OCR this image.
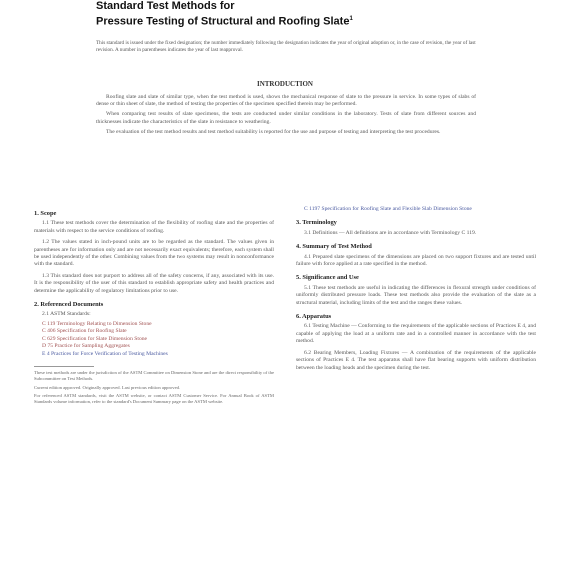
Standard Test Methods for
Pressure Testing of Structural and Roofing Slate$^1$
This standard is issued under the fixed designation; the number immediately following the designation indicates the year of original adoption or, in the case of revision, the year of last revision. A number in parentheses indicates the year of last reapproval.
INTRODUCTION

Roofing slate and slate of similar type, when the test method is used, shows the mechanical response of slate to the pressure in service. In some types of slabs of dense or thin sheet of slate, the method of testing the properties of the specimen specified therein may be performed.

When comparing test results of slate specimens, the tests are conducted under similar conditions in the laboratory. Tests of slate from different sources and thicknesses indicate the characteristics of the slate in resistance to weathering.

The evaluation of the test method results and test method suitability is reported for the use and purpose of testing and interpreting the test procedures.

1. Scope

1.1 These test methods cover the determination of the flexibility of roofing slate and the properties of materials with respect to the service conditions of roofing.

1.2 The values stated in inch-pound units are to be regarded as the standard. The values given in parentheses are for information only and are not necessarily exact equivalents; therefore, each system shall be used independently of the other. Combining values from the two systems may result in nonconformance with the standard.

1.3 This standard does not purport to address all of the safety concerns, if any, associated with its use. It is the responsibility of the user of this standard to establish appropriate safety and health practices and determine the applicability of regulatory limitations prior to use.

2. Referenced Documents

2.1 ASTM Standards:

C 119 Terminology Relating to Dimension Stone

C 406 Specification for Roofing Slate

C 629 Specification for Slate Dimension Stone

D 75 Practice for Sampling Aggregates

E 4 Practices for Force Verification of Testing Machines

These test methods are under the jurisdiction of the ASTM Committee on Dimension Stone and are the direct responsibility of the Subcommittee on Test Methods.

Current edition approved. Originally approved. Last previous edition approved.

For referenced ASTM standards, visit the ASTM website, or contact ASTM Customer Service. For Annual Book of ASTM Standards volume information, refer to the standard's Document Summary page on the ASTM website.

C 1197 Specification for Roofing Slate and Flexible Slab Dimension Stone

3. Terminology

3.1 Definitions — All definitions are in accordance with Terminology C 119.

4. Summary of Test Method

4.1 Prepared slate specimens of the dimensions are placed on two support fixtures and are tested until failure with force applied at a rate specified in the method.

5. Significance and Use

5.1 These test methods are useful in indicating the differences in flexural strength under conditions of uniformly distributed pressure loads. These test methods also provide the evaluation of the slate as a structural material, including limits of the test and the ranges these values.

6. Apparatus

6.1 Testing Machine — Conforming to the requirements of the applicable sections of Practices E 4, and capable of applying the load at a uniform rate and in a controlled manner in accordance with the test method.

6.2 Bearing Members, Loading Fixtures — A combination of the requirements of the applicable sections of Practices E 4. The test apparatus shall have flat bearing supports with uniform distribution between the loading heads and the specimen during the test.
